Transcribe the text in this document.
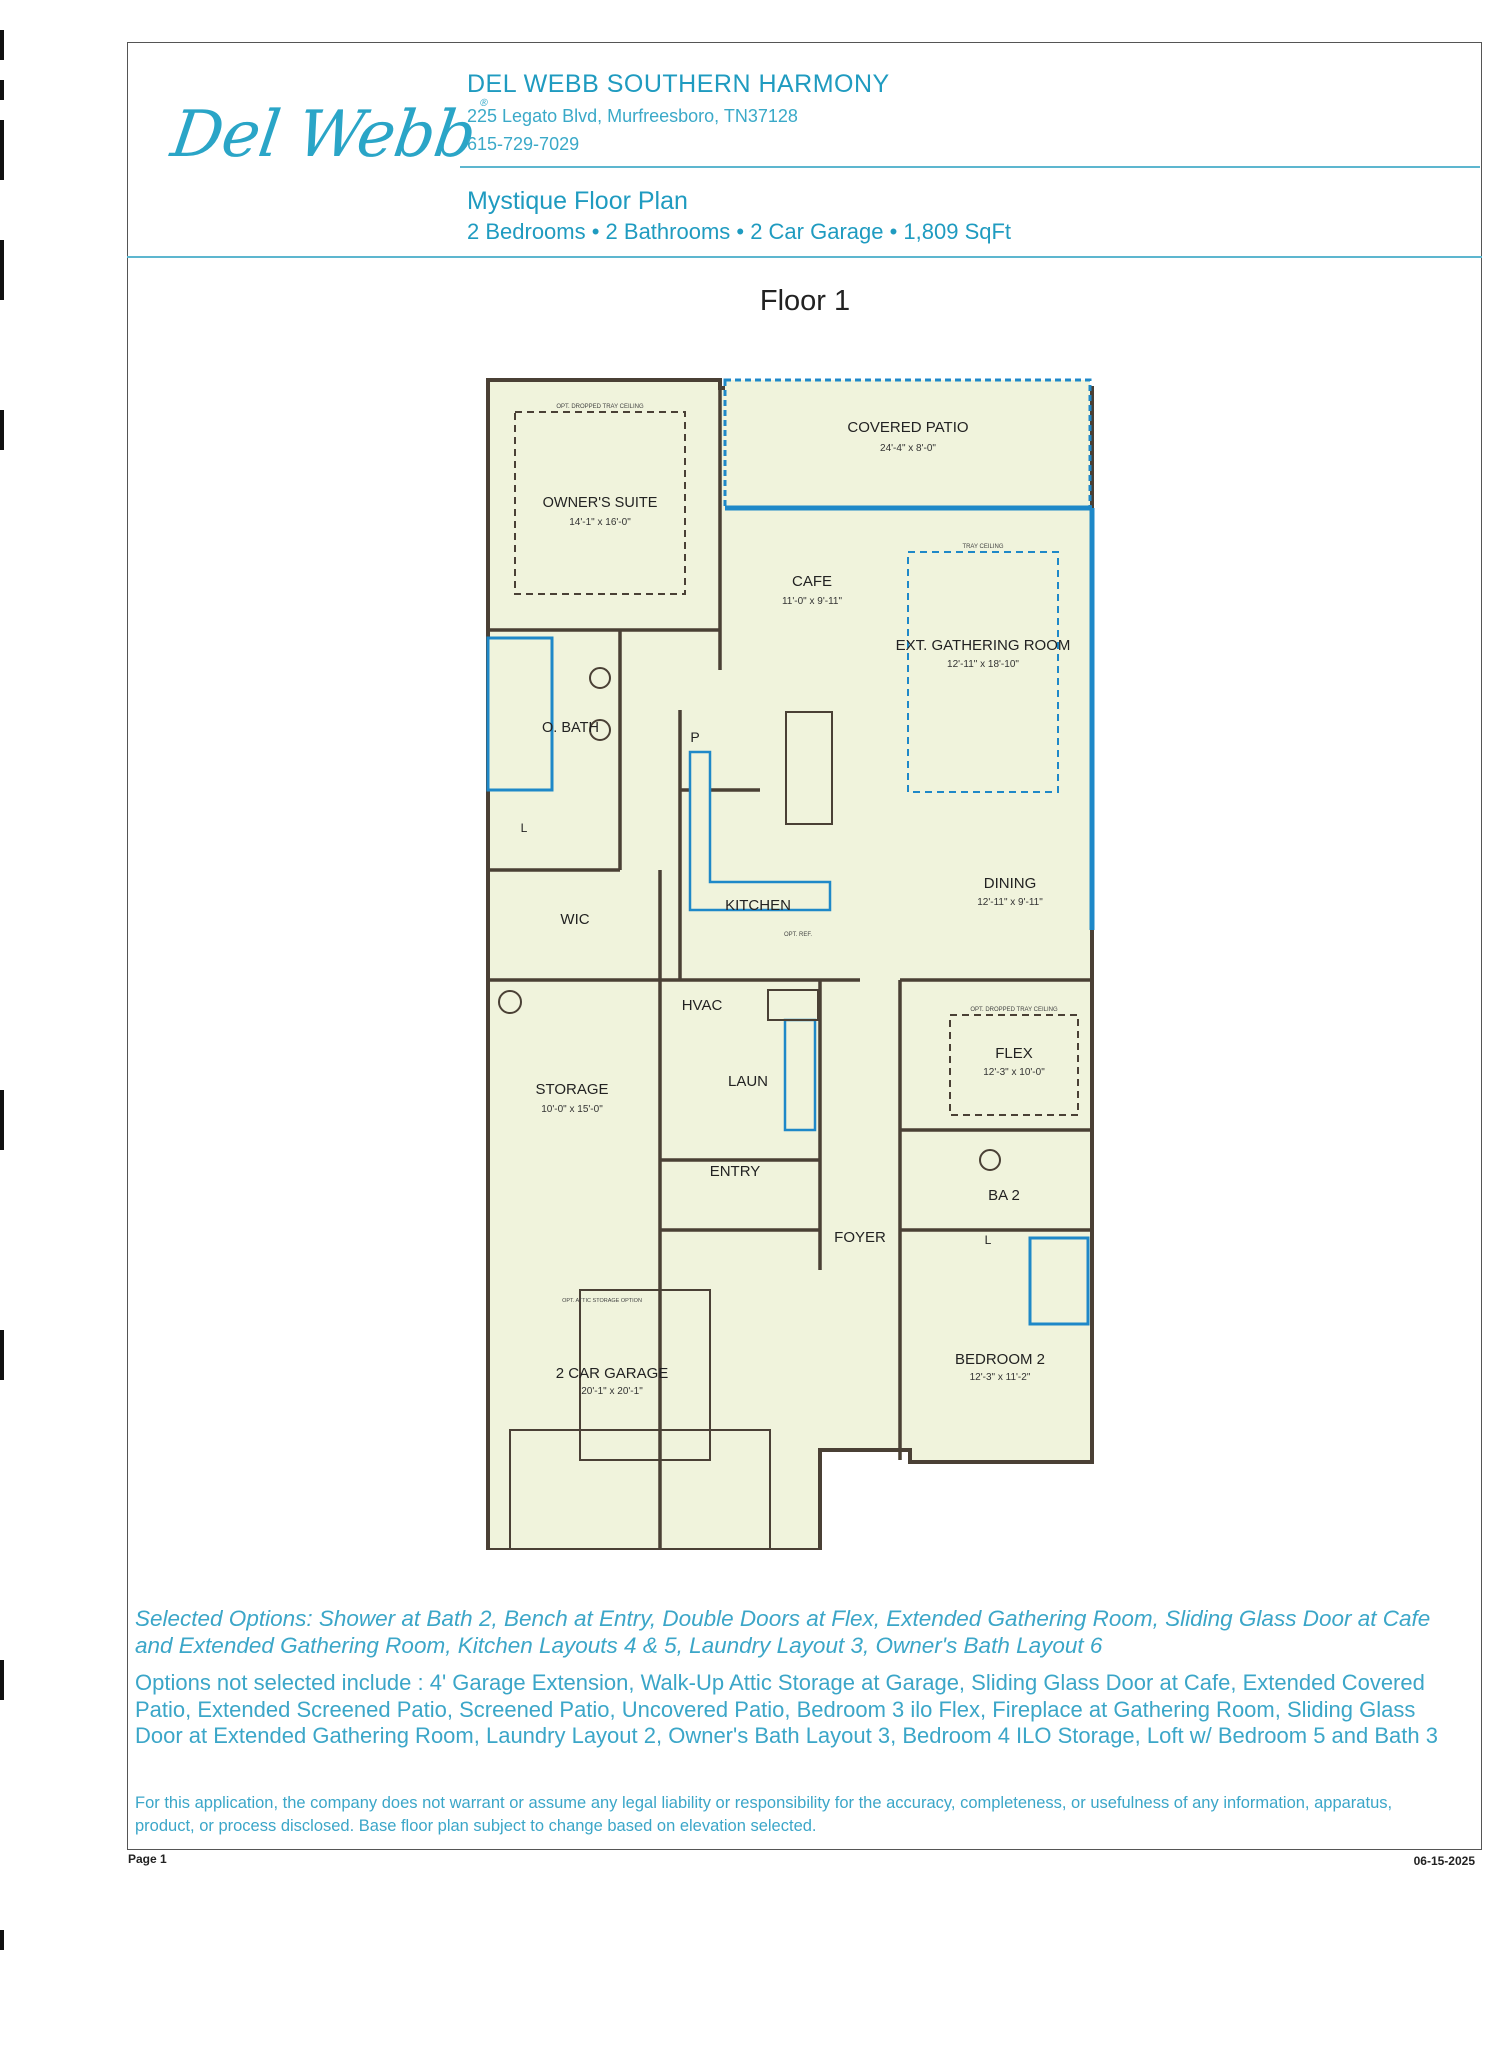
Del Webb®
DEL WEBB SOUTHERN HARMONY
225 Legato Blvd, Murfreesboro, TN37128
615-729-7029
Mystique Floor Plan
2 Bedrooms • 2 Bathrooms • 2 Car Garage • 1,809 SqFt
Floor 1
COVERED PATIO
24'-4" x 8'-0"
OPT. DROPPED TRAY CEILING
OWNER'S SUITE
14'-1" x 16'-0"
CAFE
11'-0" x 9'-11"
TRAY CEILING
EXT. GATHERING ROOM
12'-11" x 18'-10"
O. BATH
P
L
KITCHEN
OPT. REF.
DINING
12'-11" x 9'-11"
WIC
HVAC
STORAGE
10'-0" x 15'-0"
LAUN
OPT. DROPPED TRAY CEILING
FLEX
12'-3" x 10'-0"
ENTRY
BA 2
L
FOYER
OPT. ATTIC STORAGE OPTION
2 CAR GARAGE
20'-1" x 20'-1"
BEDROOM 2
12'-3" x 11'-2"
Selected Options: Shower at Bath 2, Bench at Entry, Double Doors at Flex, Extended Gathering Room, Sliding Glass Door at Cafe and Extended Gathering Room, Kitchen Layouts 4 & 5, Laundry Layout 3, Owner's Bath Layout 6
Options not selected include : 4' Garage Extension, Walk-Up Attic Storage at Garage, Sliding Glass Door at Cafe, Extended Covered Patio, Extended Screened Patio, Screened Patio, Uncovered Patio, Bedroom 3 ilo Flex, Fireplace at Gathering Room, Sliding Glass Door at Extended Gathering Room, Laundry Layout 2, Owner's Bath Layout 3, Bedroom 4 ILO Storage, Loft w/ Bedroom 5 and Bath 3
For this application, the company does not warrant or assume any legal liability or responsibility for the accuracy, completeness, or usefulness of any information, apparatus, product, or process disclosed. Base floor plan subject to change based on elevation selected.
Page 1	06-15-2025
